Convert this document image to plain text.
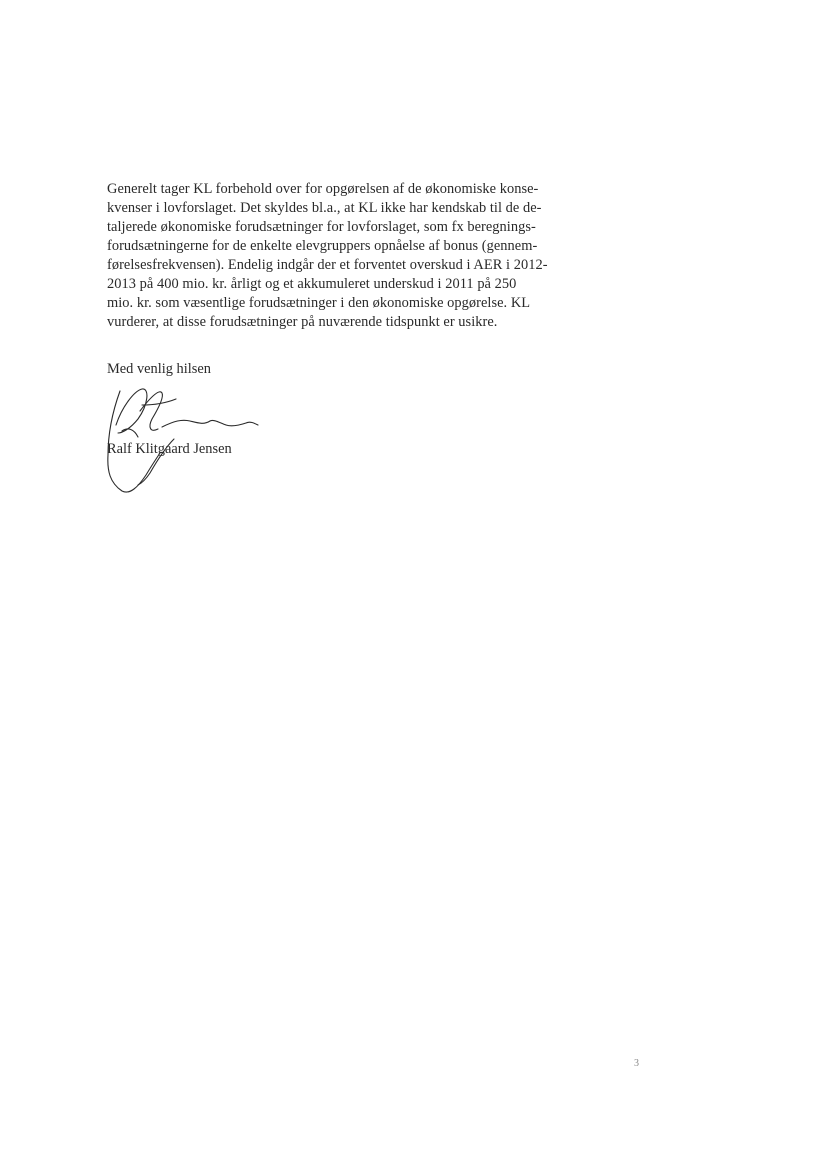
Generelt tager KL forbehold over for opgørelsen af de økonomiske konse-
kvenser i lovforslaget. Det skyldes bl.a., at KL ikke har kendskab til de de-
taljerede økonomiske forudsætninger for lovforslaget, som fx beregnings-
forudsætningerne for de enkelte elevgruppers opnåelse af bonus (gennem-
førelsesfrekvensen). Endelig indgår der et forventet overskud i AER i 2012-
2013 på 400 mio. kr. årligt og et akkumuleret underskud i 2011 på 250
mio. kr. som væsentlige forudsætninger i den økonomiske opgørelse. KL
vurderer, at disse forudsætninger på nuværende tidspunkt er usikre.

Med venlig hilsen

Ralf Klitgaard Jensen

3
